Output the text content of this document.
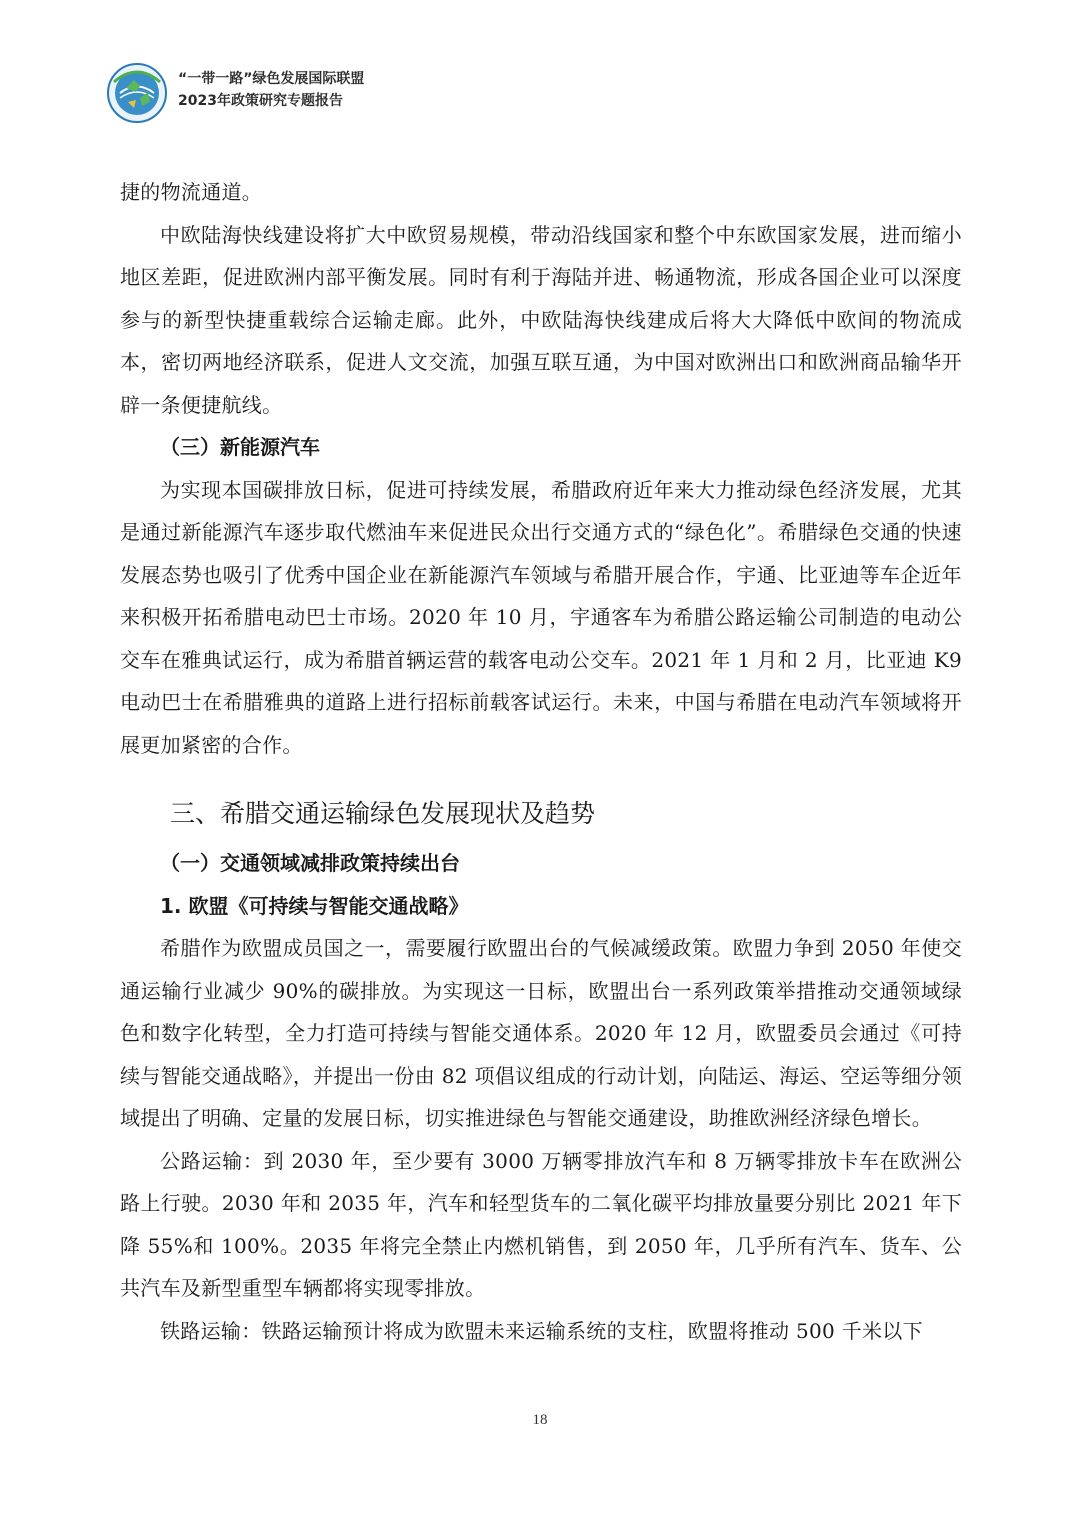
“一带一路”绿色发展国际联盟
2023年政策研究专题报告

捷的物流通道。

中欧陆海快线建设将扩大中欧贸易规模，带动沿线国家和整个中东欧国家发展，进而缩小地区差距，促进欧洲内部平衡发展。同时有利于海陆并进、畅通物流，形成各国企业可以深度参与的新型快捷重载综合运输走廊。此外，中欧陆海快线建成后将大大降低中欧间的物流成本，密切两地经济联系，促进人文交流，加强互联互通，为中国对欧洲出口和欧洲商品输华开辟一条便捷航线。

（三）新能源汽车

为实现本国碳排放日标，促进可持续发展，希腊政府近年来大力推动绿色经济发展，尤其是通过新能源汽车逐步取代燃油车来促进民众出行交通方式的“绿色化”。希腊绿色交通的快速发展态势也吸引了优秀中国企业在新能源汽车领域与希腊开展合作，宇通、比亚迪等车企近年来积极开拓希腊电动巴士市场。2020 年 10 月，宇通客车为希腊公路运输公司制造的电动公交车在雅典试运行，成为希腊首辆运营的载客电动公交车。2021 年 1 月和 2 月，比亚迪 K9 电动巴士在希腊雅典的道路上进行招标前载客试运行。未来，中国与希腊在电动汽车领域将开展更加紧密的合作。

三、希腊交通运输绿色发展现状及趋势

（一）交通领域减排政策持续出台

1. 欧盟《可持续与智能交通战略》

希腊作为欧盟成员国之一，需要履行欧盟出台的气候减缓政策。欧盟力争到 2050 年使交通运输行业减少 90%的碳排放。为实现这一日标，欧盟出台一系列政策举措推动交通领域绿色和数字化转型，全力打造可持续与智能交通体系。2020 年 12 月，欧盟委员会通过《可持续与智能交通战略》，并提出一份由 82 项倡议组成的行动计划，向陆运、海运、空运等细分领域提出了明确、定量的发展日标，切实推进绿色与智能交通建设，助推欧洲经济绿色增长。

公路运输：到 2030 年，至少要有 3000 万辆零排放汽车和 8 万辆零排放卡车在欧洲公路上行驶。2030 年和 2035 年，汽车和轻型货车的二氧化碳平均排放量要分别比 2021 年下降 55%和 100%。2035 年将完全禁止内燃机销售，到 2050 年，几乎所有汽车、货车、公共汽车及新型重型车辆都将实现零排放。

铁路运输：铁路运输预计将成为欧盟未来运输系统的支柱，欧盟将推动 500 千米以下

18
